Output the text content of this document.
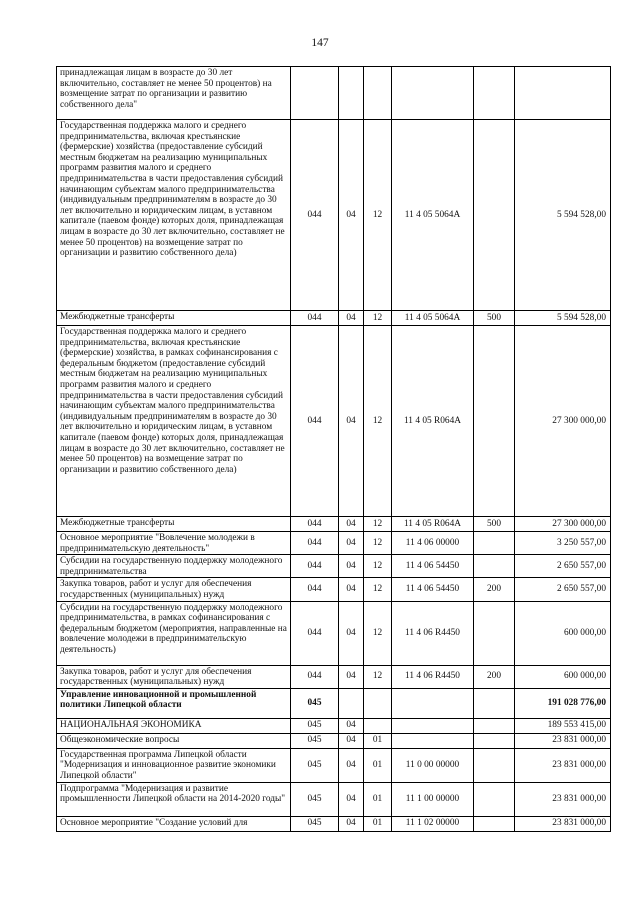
147
принадлежащая лицам в возрасте до 30 лет включительно, составляет не менее 50 процентов) на возмещение затрат по организации и развитию собственного дела"						
Государственная поддержка малого и среднего предпринимательства, включая крестьянские (фермерские) хозяйства (предоставление субсидий местным бюджетам на реализацию муниципальных программ развития малого и среднего предпринимательства в части предоставления субсидий начинающим субъектам малого предпринимательства (индивидуальным предпринимателям в возрасте до 30 лет включительно и юридическим лицам, в уставном капитале (паевом фонде) которых доля, принадлежащая лицам в возрасте до 30 лет включительно, составляет не менее 50 процентов) на возмещение затрат по организации и развитию собственного дела)	044	04	12	11 4 05 5064A		5 594 528,00
Межбюджетные трансферты	044	04	12	11 4 05 5064A	500	5 594 528,00
Государственная поддержка малого и среднего предпринимательства, включая крестьянские (фермерские) хозяйства, в рамках софинансирования с федеральным бюджетом (предоставление субсидий местным бюджетам на реализацию муниципальных программ развития малого и среднего предпринимательства в части предоставления субсидий начинающим субъектам малого предпринимательства (индивидуальным предпринимателям в возрасте до 30 лет включительно и юридическим лицам, в уставном капитале (паевом фонде) которых доля, принадлежащая лицам в возрасте до 30 лет включительно, составляет не менее 50 процентов) на возмещение затрат по организации и развитию собственного дела)	044	04	12	11 4 05 R064A		27 300 000,00
Межбюджетные трансферты	044	04	12	11 4 05 R064A	500	27 300 000,00
Основное мероприятие "Вовлечение молодежи в предпринимательскую деятельность"	044	04	12	11 4 06 00000		3 250 557,00
Субсидии на государственную поддержку молодежного предпринимательства	044	04	12	11 4 06 54450		2 650 557,00
Закупка товаров, работ и услуг для обеспечения государственных (муниципальных) нужд	044	04	12	11 4 06 54450	200	2 650 557,00
Субсидии на государственную поддержку молодежного предпринимательства, в рамках софинансирования с федеральным бюджетом (мероприятия, направленные на вовлечение молодежи в предпринимательскую деятельность)	044	04	12	11 4 06 R4450		600 000,00
Закупка товаров, работ и услуг для обеспечения государственных (муниципальных) нужд	044	04	12	11 4 06 R4450	200	600 000,00
Управление инновационной и промышленной политики Липецкой области	045					191 028 776,00
НАЦИОНАЛЬНАЯ ЭКОНОМИКА	045	04				189 553 415,00
Общеэкономические вопросы	045	04	01			23 831 000,00
Государственная программа Липецкой области "Модернизация и инновационное развитие экономики Липецкой области"	045	04	01	11 0 00 00000		23 831 000,00
Подпрограмма "Модернизация и развитие промышленности Липецкой области на 2014-2020 годы"	045	04	01	11 1 00 00000		23 831 000,00
Основное мероприятие "Создание условий для	045	04	01	11 1 02 00000		23 831 000,00
